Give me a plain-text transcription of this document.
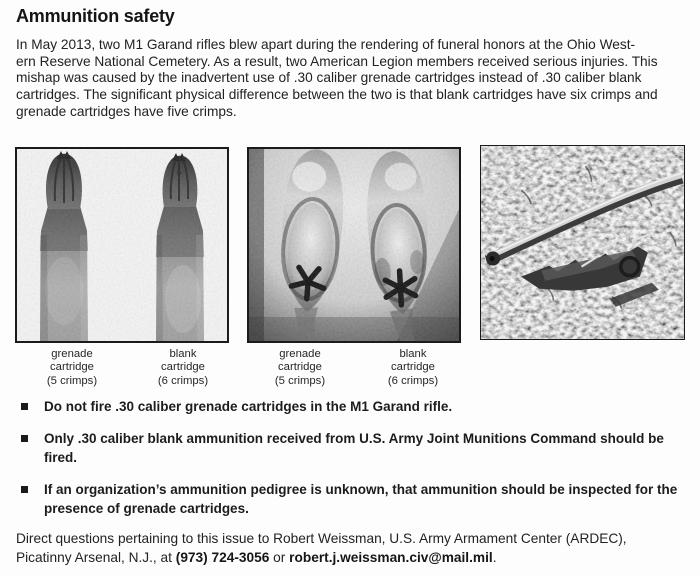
Ammunition safety
In May 2013, two M1 Garand rifles blew apart during the rendering of funeral honors at the Ohio West-
ern Reserve National Cemetery. As a result, two American Legion members received serious injuries. This
mishap was caused by the inadvertent use of .30 caliber grenade cartridges instead of .30 caliber blank
cartridges. The significant physical difference between the two is that blank cartridges have six crimps and
grenade cartridges have five crimps.
grenade
cartridge
(5 crimps)
blank
cartridge
(6 crimps)
grenade
cartridge
(5 crimps)
blank
cartridge
(6 crimps)
Do not fire .30 caliber grenade cartridges in the M1 Garand rifle.
Only .30 caliber blank ammunition received from U.S. Army Joint Munitions Command should be fired.
If an organization’s ammunition pedigree is unknown, that ammunition should be inspected for the presence of grenade cartridges.

Direct questions pertaining to this issue to Robert Weissman, U.S. Army Armament Center (ARDEC),
Picatinny Arsenal, N.J., at (973) 724-3056 or robert.j.weissman.civ@mail.mil.
